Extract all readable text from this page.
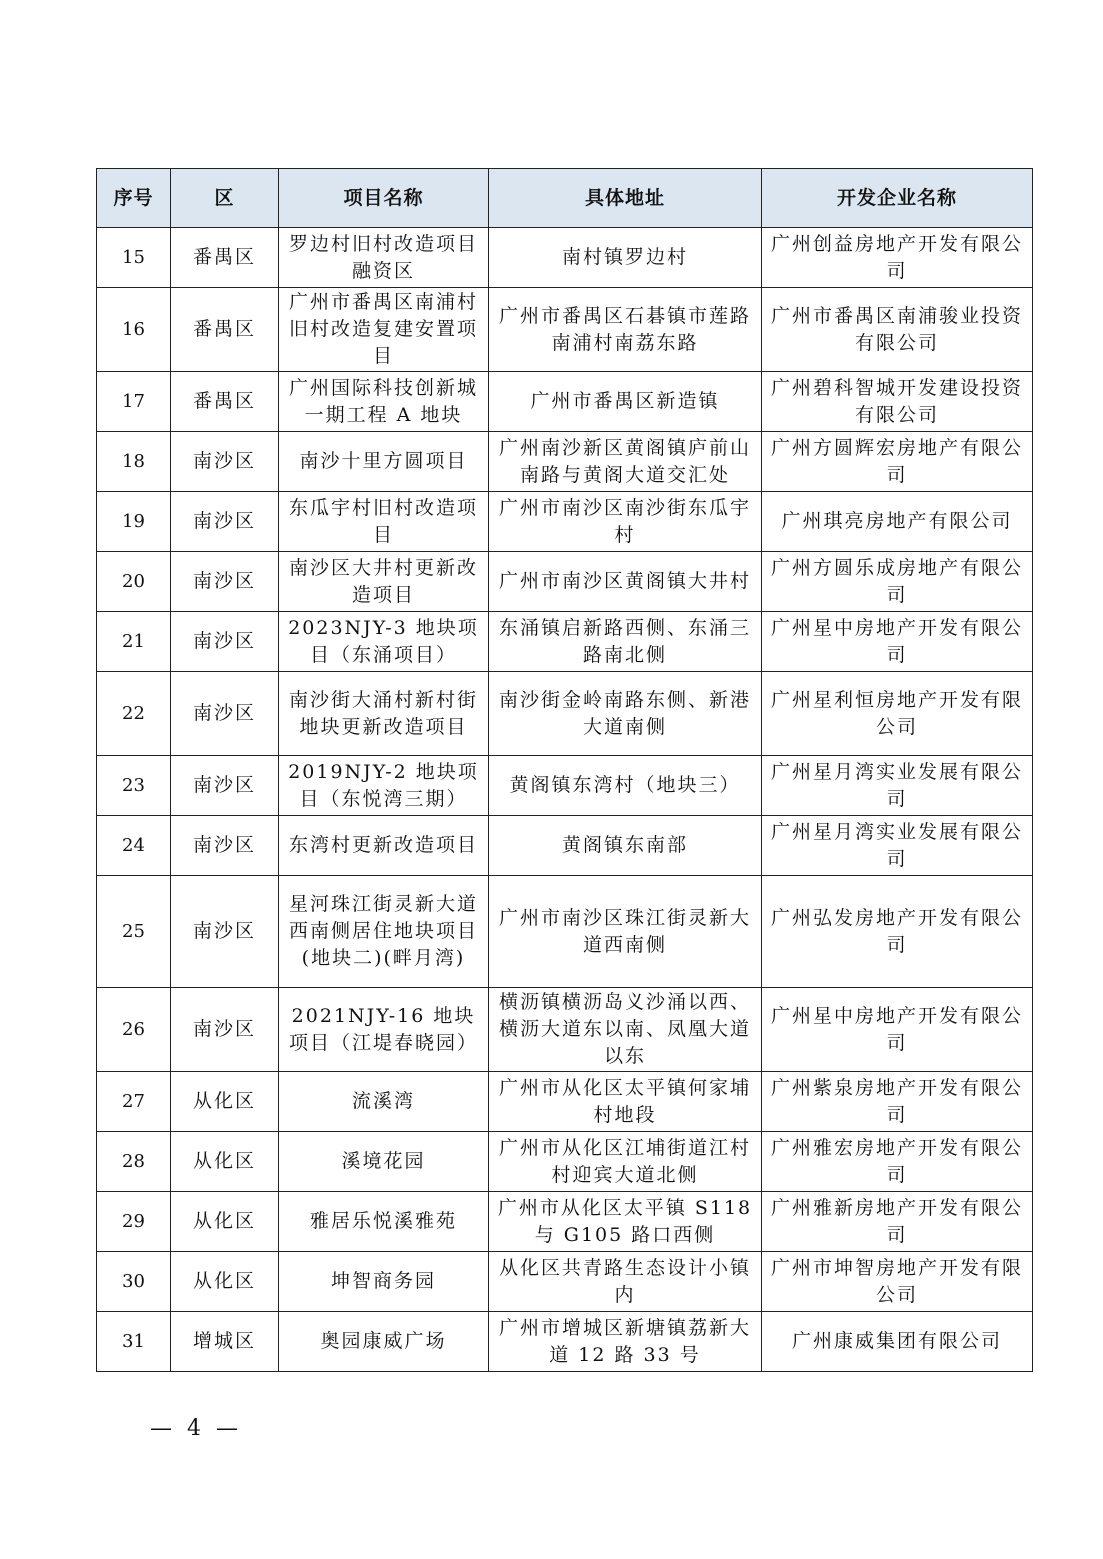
序号	区	项目名称	具体地址	开发企业名称
15	番禺区	罗边村旧村改造项目融资区	南村镇罗边村	广州创益房地产开发有限公司
16	番禺区	广州市番禺区南浦村旧村改造复建安置项目	广州市番禺区石碁镇市莲路南浦村南荔东路	广州市番禺区南浦骏业投资有限公司
17	番禺区	广州国际科技创新城一期工程 A 地块	广州市番禺区新造镇	广州碧科智城开发建设投资有限公司
18	南沙区	南沙十里方圆项目	广州南沙新区黄阁镇庐前山南路与黄阁大道交汇处	广州方圆辉宏房地产有限公司
19	南沙区	东瓜宇村旧村改造项目	广州市南沙区南沙街东瓜宇村	广州琪亮房地产有限公司
20	南沙区	南沙区大井村更新改造项目	广州市南沙区黄阁镇大井村	广州方圆乐成房地产有限公司
21	南沙区	2023NJY-3 地块项目（东涌项目）	东涌镇启新路西侧、东涌三路南北侧	广州星中房地产开发有限公司
22	南沙区	南沙街大涌村新村街地块更新改造项目	南沙街金岭南路东侧、新港大道南侧	广州星利恒房地产开发有限公司
23	南沙区	2019NJY-2 地块项目（东悦湾三期）	黄阁镇东湾村（地块三）	广州星月湾实业发展有限公司
24	南沙区	东湾村更新改造项目	黄阁镇东南部	广州星月湾实业发展有限公司
25	南沙区	星河珠江街灵新大道西南侧居住地块项目(地块二)(畔月湾)	广州市南沙区珠江街灵新大道西南侧	广州弘发房地产开发有限公司
26	南沙区	2021NJY-16 地块项目（江堤春晓园）	横沥镇横沥岛义沙涌以西、横沥大道东以南、凤凰大道以东	广州星中房地产开发有限公司
27	从化区	流溪湾	广州市从化区太平镇何家埔村地段	广州紫泉房地产开发有限公司
28	从化区	溪境花园	广州市从化区江埔街道江村村迎宾大道北侧	广州雅宏房地产开发有限公司
29	从化区	雅居乐悦溪雅苑	广州市从化区太平镇 S118 与 G105 路口西侧	广州雅新房地产开发有限公司
30	从化区	坤智商务园	从化区共青路生态设计小镇内	广州市坤智房地产开发有限公司
31	增城区	奥园康威广场	广州市增城区新塘镇荔新大道 12 路 33 号	广州康威集团有限公司
— 4 —
